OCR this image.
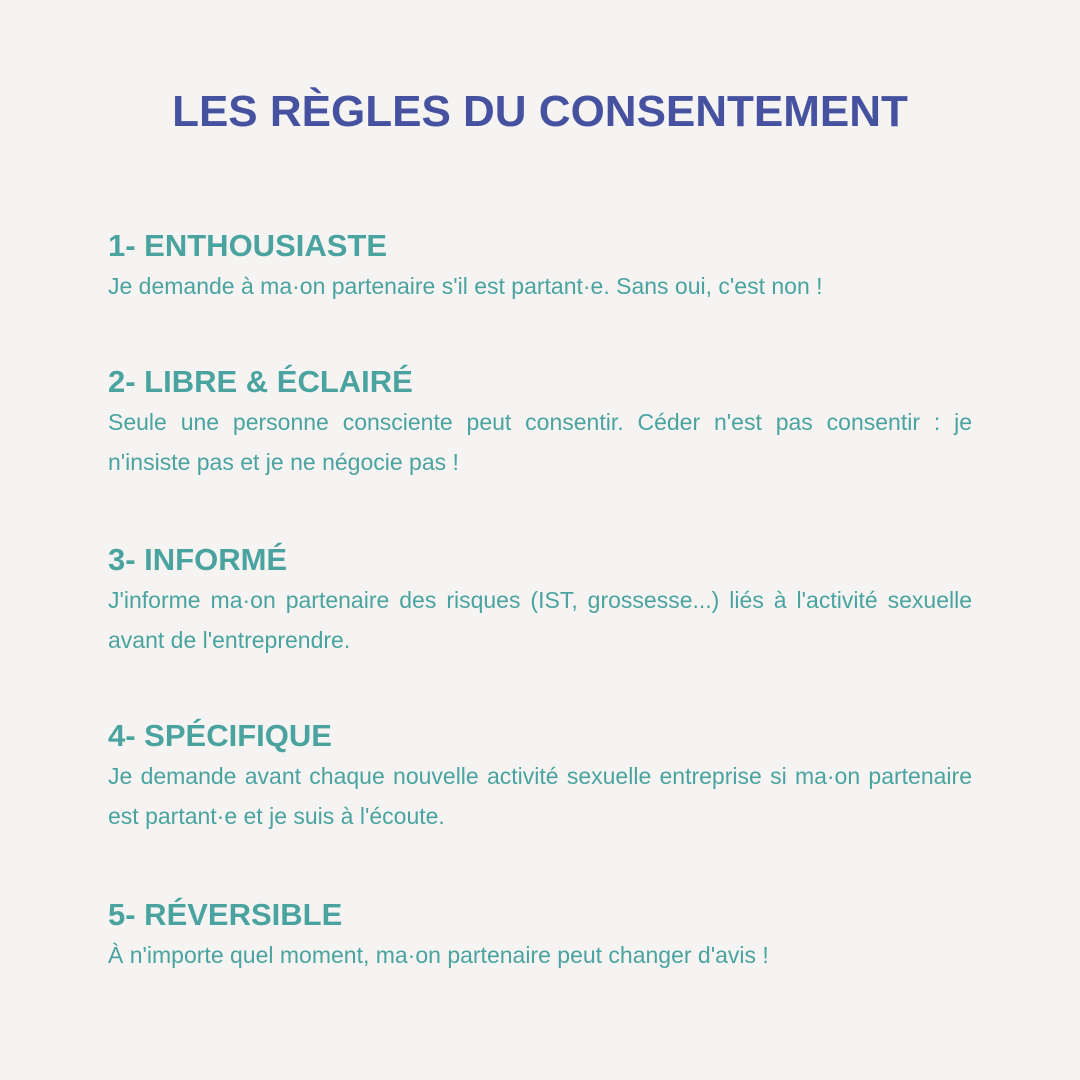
LES RÈGLES DU CONSENTEMENT
1- ENTHOUSIASTE

Je demande à ma·on partenaire s'il est partant·e. Sans oui, c'est non !

2- LIBRE & ÉCLAIRÉ

Seule une personne consciente peut consentir. Céder n'est pas consentir : je n'insiste pas et je ne négocie pas !

3- INFORMÉ

J'informe ma·on partenaire des risques (IST, grossesse...) liés à l'activité sexuelle avant de l'entreprendre.

4- SPÉCIFIQUE

Je demande avant chaque nouvelle activité sexuelle entreprise si ma·on partenaire est partant·e et je suis à l'écoute.

5- RÉVERSIBLE

À n'importe quel moment, ma·on partenaire peut changer d'avis !
